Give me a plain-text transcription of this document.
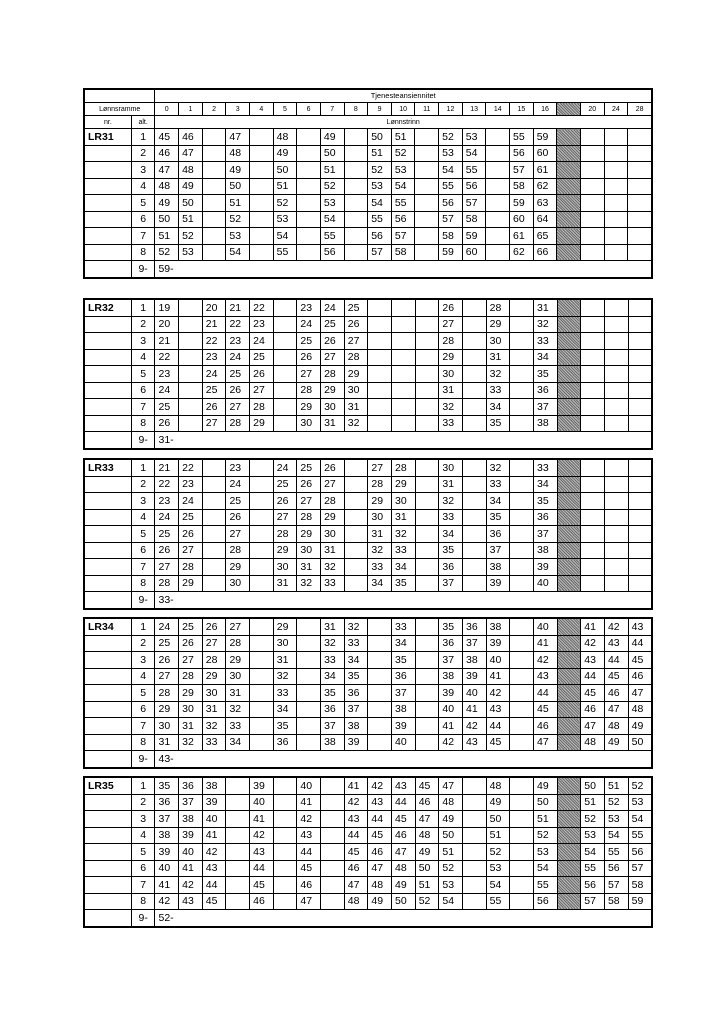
		Tjenesteansiennitet																				
Lønnsramme		0	1	2	3	4	5	6	7	8	9	10	11	12	13	14	15	16		20	24	28
nr.	alt.	Lønnstrinn																				
LR31	1	45	46		47		48		49		50	51		52	53		55	59				
	2	46	47		48		49		50		51	52		53	54		56	60				
	3	47	48		49		50		51		52	53		54	55		57	61				
	4	48	49		50		51		52		53	54		55	56		58	62				
	5	49	50		51		52		53		54	55		56	57		59	63				
	6	50	51		52		53		54		55	56		57	58		60	64				
	7	51	52		53		54		55		56	57		58	59		61	65				
	8	52	53		54		55		56		57	58		59	60		62	66				
	9-	59-																				
LR32	1	19		20	21	22		23	24	25				26		28		31				
	2	20		21	22	23		24	25	26				27		29		32				
	3	21		22	23	24		25	26	27				28		30		33				
	4	22		23	24	25		26	27	28				29		31		34				
	5	23		24	25	26		27	28	29				30		32		35				
	6	24		25	26	27		28	29	30				31		33		36				
	7	25		26	27	28		29	30	31				32		34		37				
	8	26		27	28	29		30	31	32				33		35		38				
	9-	31-																				
LR33	1	21	22		23		24	25	26		27	28		30		32		33				
	2	22	23		24		25	26	27		28	29		31		33		34				
	3	23	24		25		26	27	28		29	30		32		34		35				
	4	24	25		26		27	28	29		30	31		33		35		36				
	5	25	26		27		28	29	30		31	32		34		36		37				
	6	26	27		28		29	30	31		32	33		35		37		38				
	7	27	28		29		30	31	32		33	34		36		38		39				
	8	28	29		30		31	32	33		34	35		37		39		40				
	9-	33-																				
LR34	1	24	25	26	27		29		31	32		33		35	36	38		40		41	42	43
	2	25	26	27	28		30		32	33		34		36	37	39		41		42	43	44
	3	26	27	28	29		31		33	34		35		37	38	40		42		43	44	45
	4	27	28	29	30		32		34	35		36		38	39	41		43		44	45	46
	5	28	29	30	31		33		35	36		37		39	40	42		44		45	46	47
	6	29	30	31	32		34		36	37		38		40	41	43		45		46	47	48
	7	30	31	32	33		35		37	38		39		41	42	44		46		47	48	49
	8	31	32	33	34		36		38	39		40		42	43	45		47		48	49	50
	9-	43-																				
LR35	1	35	36	38		39		40		41	42	43	45	47		48		49		50	51	52
	2	36	37	39		40		41		42	43	44	46	48		49		50		51	52	53
	3	37	38	40		41		42		43	44	45	47	49		50		51		52	53	54
	4	38	39	41		42		43		44	45	46	48	50		51		52		53	54	55
	5	39	40	42		43		44		45	46	47	49	51		52		53		54	55	56
	6	40	41	43		44		45		46	47	48	50	52		53		54		55	56	57
	7	41	42	44		45		46		47	48	49	51	53		54		55		56	57	58
	8	42	43	45		46		47		48	49	50	52	54		55		56		57	58	59
	9-	52-																				
